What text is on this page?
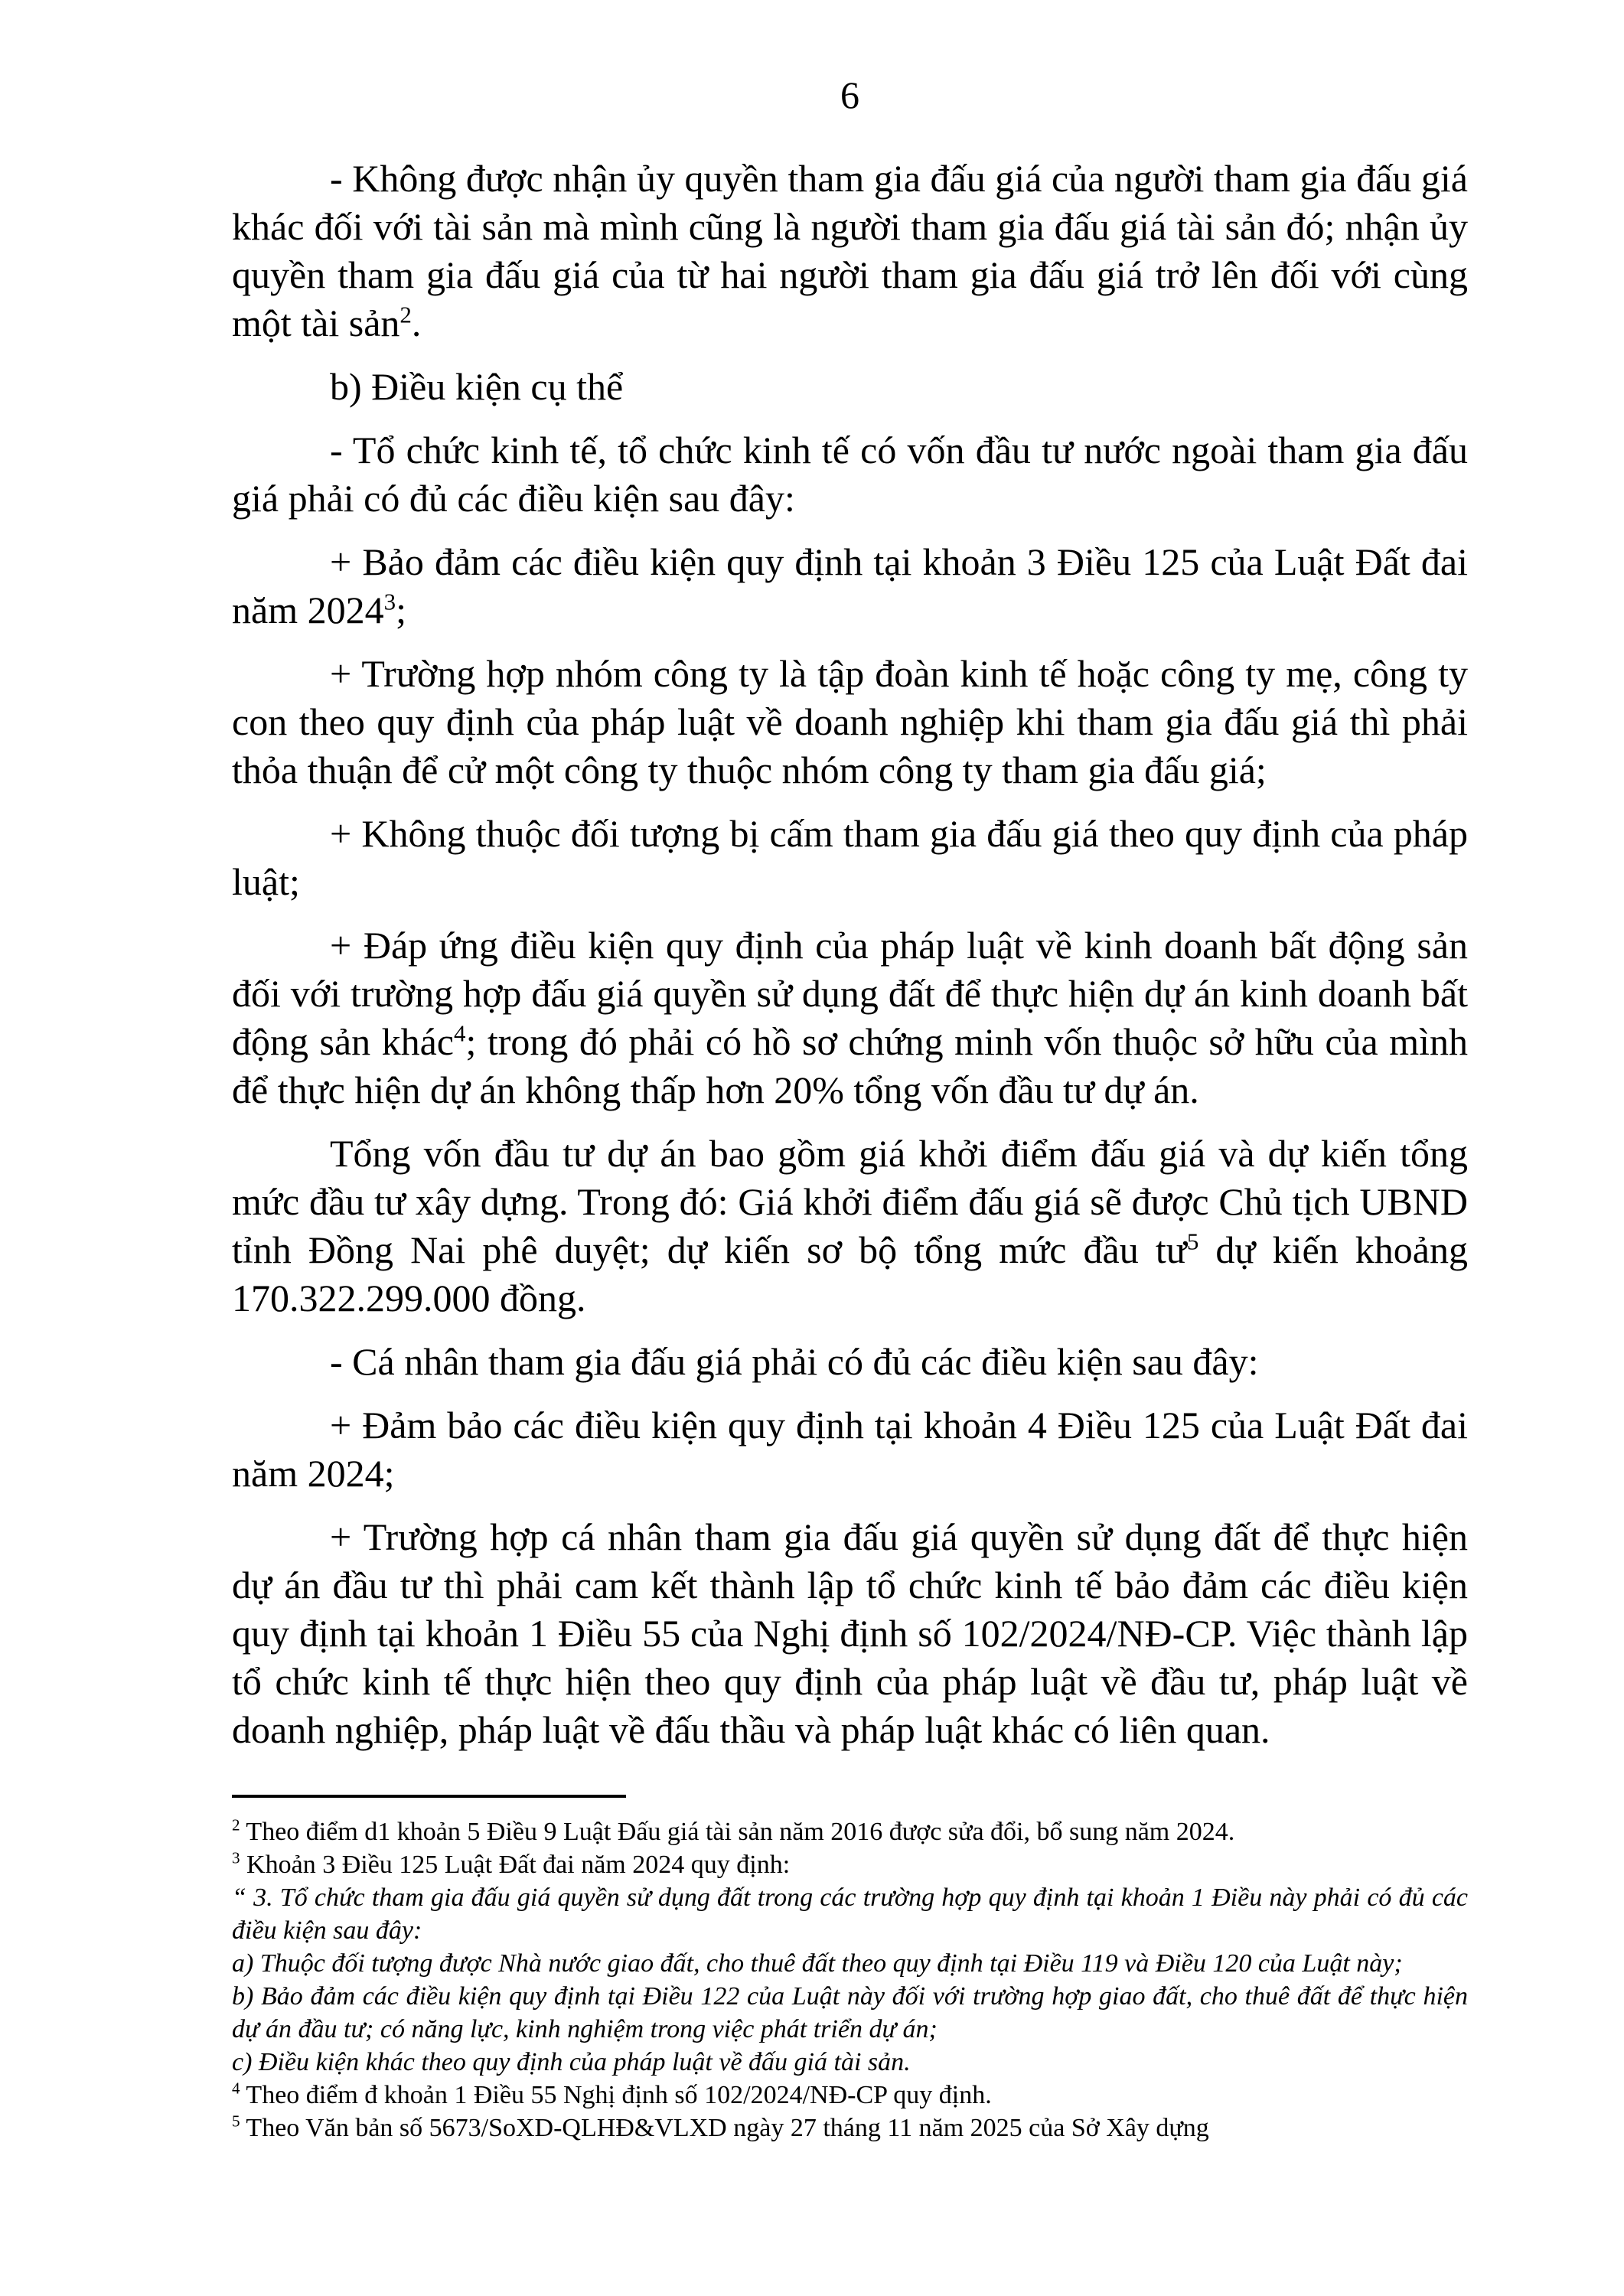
6

- Không được nhận ủy quyền tham gia đấu giá của người tham gia đấu giá khác đối với tài sản mà mình cũng là người tham gia đấu giá tài sản đó; nhận ủy quyền tham gia đấu giá của từ hai người tham gia đấu giá trở lên đối với cùng một tài sản$^2$.

b) Điều kiện cụ thể

- Tổ chức kinh tế, tổ chức kinh tế có vốn đầu tư nước ngoài tham gia đấu giá phải có đủ các điều kiện sau đây:

+ Bảo đảm các điều kiện quy định tại khoản 3 Điều 125 của Luật Đất đai năm 2024$^3$;

+ Trường hợp nhóm công ty là tập đoàn kinh tế hoặc công ty mẹ, công ty con theo quy định của pháp luật về doanh nghiệp khi tham gia đấu giá thì phải thỏa thuận để cử một công ty thuộc nhóm công ty tham gia đấu giá;

+ Không thuộc đối tượng bị cấm tham gia đấu giá theo quy định của pháp luật;

+ Đáp ứng điều kiện quy định của pháp luật về kinh doanh bất động sản đối với trường hợp đấu giá quyền sử dụng đất để thực hiện dự án kinh doanh bất động sản khác$^4$; trong đó phải có hồ sơ chứng minh vốn thuộc sở hữu của mình để thực hiện dự án không thấp hơn 20% tổng vốn đầu tư dự án.

Tổng vốn đầu tư dự án bao gồm giá khởi điểm đấu giá và dự kiến tổng mức đầu tư xây dựng. Trong đó: Giá khởi điểm đấu giá sẽ được Chủ tịch UBND tỉnh Đồng Nai phê duyệt; dự kiến sơ bộ tổng mức đầu $tư^5$ dự kiến khoảng 170.322.299.000 đồng.

- Cá nhân tham gia đấu giá phải có đủ các điều kiện sau đây:

+ Đảm bảo các điều kiện quy định tại khoản 4 Điều 125 của Luật Đất đai năm 2024;

+ Trường hợp cá nhân tham gia đấu giá quyền sử dụng đất để thực hiện dự án đầu tư thì phải cam kết thành lập tổ chức kinh tế bảo đảm các điều kiện quy định tại khoản 1 Điều 55 của Nghị định số 102/2024/NĐ-CP. Việc thành lập tổ chức kinh tế thực hiện theo quy định của pháp luật về đầu tư, pháp luật về doanh nghiệp, pháp luật về đấu thầu và pháp luật khác có liên quan.

$^2$ Theo điểm d1 khoản 5 Điều 9 Luật Đấu giá tài sản năm 2016 được sửa đổi, bổ sung năm 2024.

$^3$ Khoản 3 Điều 125 Luật Đất đai năm 2024 quy định:

“ 3. Tổ chức tham gia đấu giá quyền sử dụng đất trong các trường hợp quy định tại khoản 1 Điều này phải có đủ các điều kiện sau đây:

a) Thuộc đối tượng được Nhà nước giao đất, cho thuê đất theo quy định tại Điều 119 và Điều 120 của Luật này;

b) Bảo đảm các điều kiện quy định tại Điều 122 của Luật này đối với trường hợp giao đất, cho thuê đất để thực hiện dự án đầu tư; có năng lực, kinh nghiệm trong việc phát triển dự án;

c) Điều kiện khác theo quy định của pháp luật về đấu giá tài sản.

$^4$ Theo điểm đ khoản 1 Điều 55 Nghị định số 102/2024/NĐ-CP quy định.

$^5$ Theo Văn bản số 5673/SoXD-QLHĐ&VLXD ngày 27 tháng 11 năm 2025 của Sở Xây dựng
